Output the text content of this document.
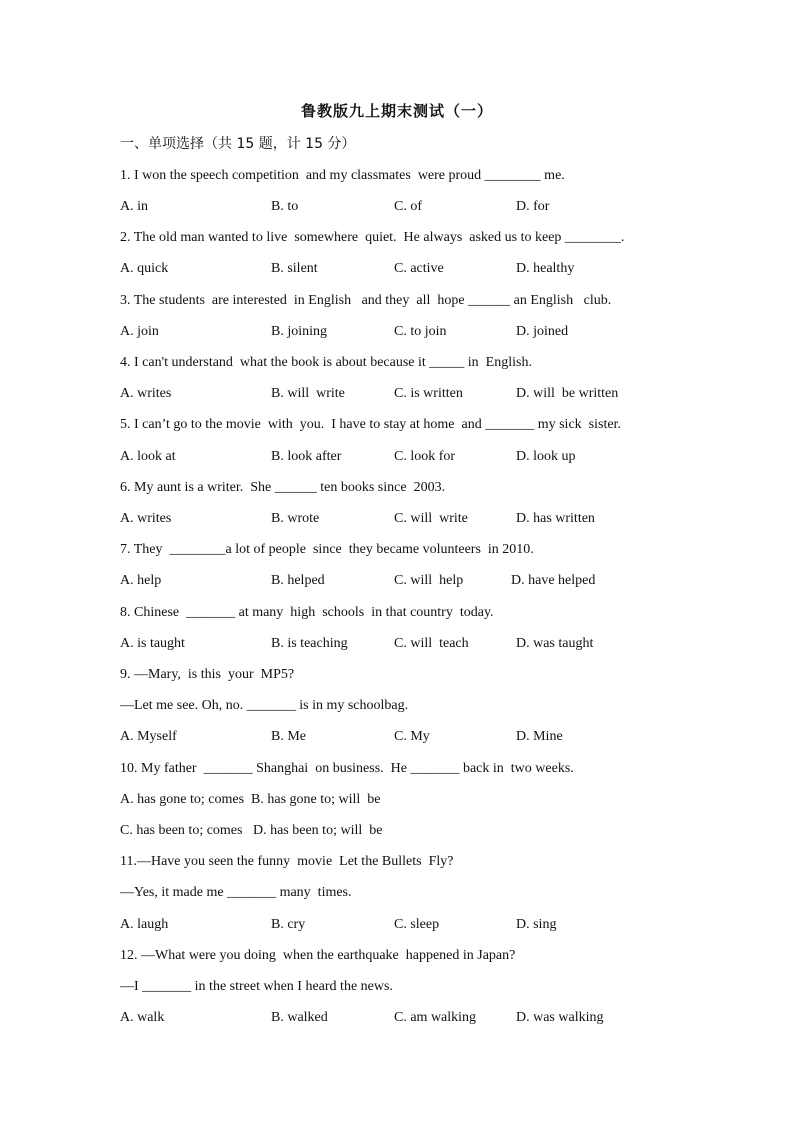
鲁教版九上期末测试（一）
一、单项选择（共 15 题，计 15 分）
1. I won the speech competition  and my classmates  were proud ________ me.
A. in	B. to	C. of	D. for
2. The old man wanted to live  somewhere  quiet.  He always  asked us to keep ________.
A. quick	B. silent	C. active	D. healthy
3. The students  are interested  in English   and they  all  hope ______ an English   club.
A. join	B. joining	C. to join	D. joined
4. I can't understand  what the book is about because it _____ in  English.
A. writes	B. will  write	C. is written	D. will  be written
5. I can’t go to the movie  with  you.  I have to stay at home  and _______ my sick  sister.
A. look at	B. look after	C. look for	D. look up
6. My aunt is a writer.  She ______ ten books since  2003.
A. writes	B. wrote	C. will  write	D. has written
7. They  ________a lot of people  since  they became volunteers  in 2010.
A. help	B. helped	C. will  help	D. have helped
8. Chinese  _______ at many  high  schools  in that country  today.
A. is taught	B. is teaching	C. will  teach	D. was taught
9. —Mary,  is this  your  MP5?
—Let me see. Oh, no. _______ is in my schoolbag.
A. Myself	B. Me	C. My	D. Mine
10. My father  _______ Shanghai  on business.  He _______ back in  two weeks.
A. has gone to; comes  B. has gone to; will  be
C. has been to; comes   D. has been to; will  be
11.—Have you seen the funny  movie  Let the Bullets  Fly?
—Yes, it made me _______ many  times.
A. laugh	B. cry	C. sleep	D. sing
12. —What were you doing  when the earthquake  happened in Japan?
—I _______ in the street when I heard the news.
A. walk	B. walked	C. am walking	D. was walking
